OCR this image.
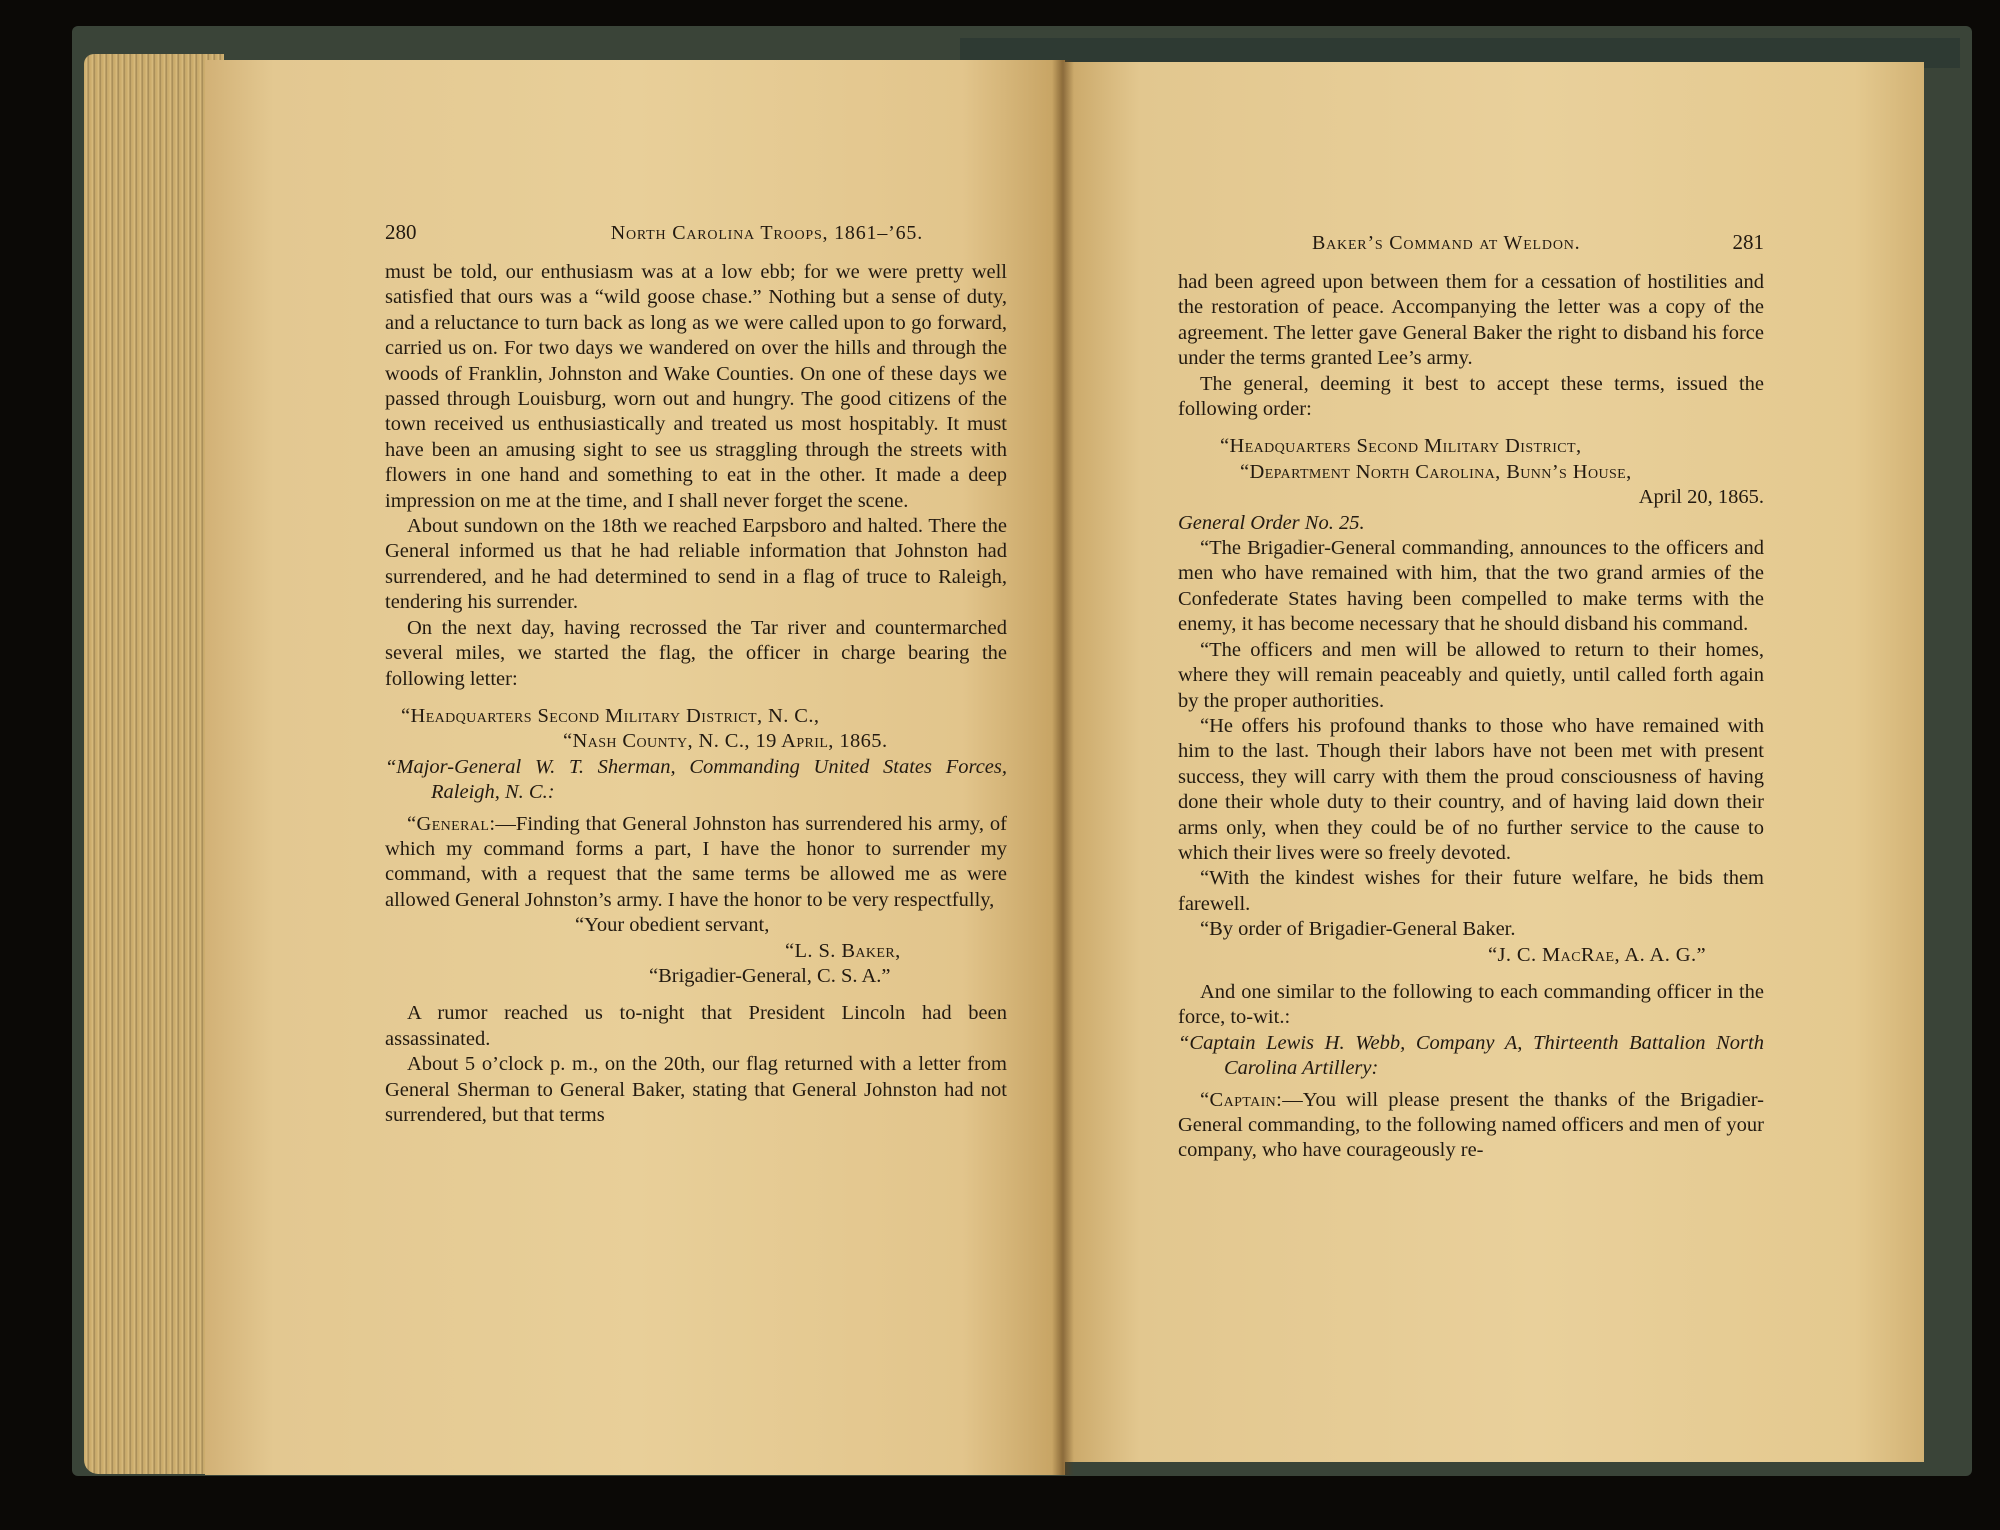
280	North Carolina Troops, 1861–’65.

must be told, our enthusiasm was at a low ebb; for we were pretty well satisfied that ours was a “wild goose chase.” Nothing but a sense of duty, and a reluctance to turn back as long as we were called upon to go forward, carried us on. For two days we wandered on over the hills and through the woods of Franklin, Johnston and Wake Counties. On one of these days we passed through Louisburg, worn out and hungry. The good citizens of the town received us enthusiastically and treated us most hospitably. It must have been an amusing sight to see us straggling through the streets with flowers in one hand and something to eat in the other. It made a deep impression on me at the time, and I shall never forget the scene.

About sundown on the 18th we reached Earpsboro and halted. There the General informed us that he had reliable information that Johnston had surrendered, and he had determined to send in a flag of truce to Raleigh, tendering his surrender.

On the next day, having recrossed the Tar river and countermarched several miles, we started the flag, the officer in charge bearing the following letter:

“Headquarters Second Military District, N. C.,

“Nash County, N. C., 19 April, 1865.

“Major-General W. T. Sherman, Commanding United States Forces, Raleigh, N. C.:

“General:—Finding that General Johnston has surrendered his army, of which my command forms a part, I have the honor to surrender my command, with a request that the same terms be allowed me as were allowed General Johnston’s army. I have the honor to be very respectfully,

“Your obedient servant,

“L. S. Baker,

“Brigadier-General, C. S. A.”

A rumor reached us to-night that President Lincoln had been assassinated.

About 5 o’clock p. m., on the 20th, our flag returned with a letter from General Sherman to General Baker, stating that General Johnston had not surrendered, but that terms

Baker’s Command at Weldon.	281

had been agreed upon between them for a cessation of hostilities and the restoration of peace. Accompanying the letter was a copy of the agreement. The letter gave General Baker the right to disband his force under the terms granted Lee’s army.

The general, deeming it best to accept these terms, issued the following order:

“Headquarters Second Military District,

“Department North Carolina, Bunn’s House,

April 20, 1865.

General Order No. 25.

“The Brigadier-General commanding, announces to the officers and men who have remained with him, that the two grand armies of the Confederate States having been compelled to make terms with the enemy, it has become necessary that he should disband his command.

“The officers and men will be allowed to return to their homes, where they will remain peaceably and quietly, until called forth again by the proper authorities.

“He offers his profound thanks to those who have remained with him to the last. Though their labors have not been met with present success, they will carry with them the proud consciousness of having done their whole duty to their country, and of having laid down their arms only, when they could be of no further service to the cause to which their lives were so freely devoted.

“With the kindest wishes for their future welfare, he bids them farewell.

“By order of Brigadier-General Baker.

“J. C. MacRae, A. A. G.”

And one similar to the following to each commanding officer in the force, to-wit.:

“Captain Lewis H. Webb, Company A, Thirteenth Battalion North Carolina Artillery:

“Captain:—You will please present the thanks of the Brigadier-General commanding, to the following named officers and men of your company, who have courageously re-
